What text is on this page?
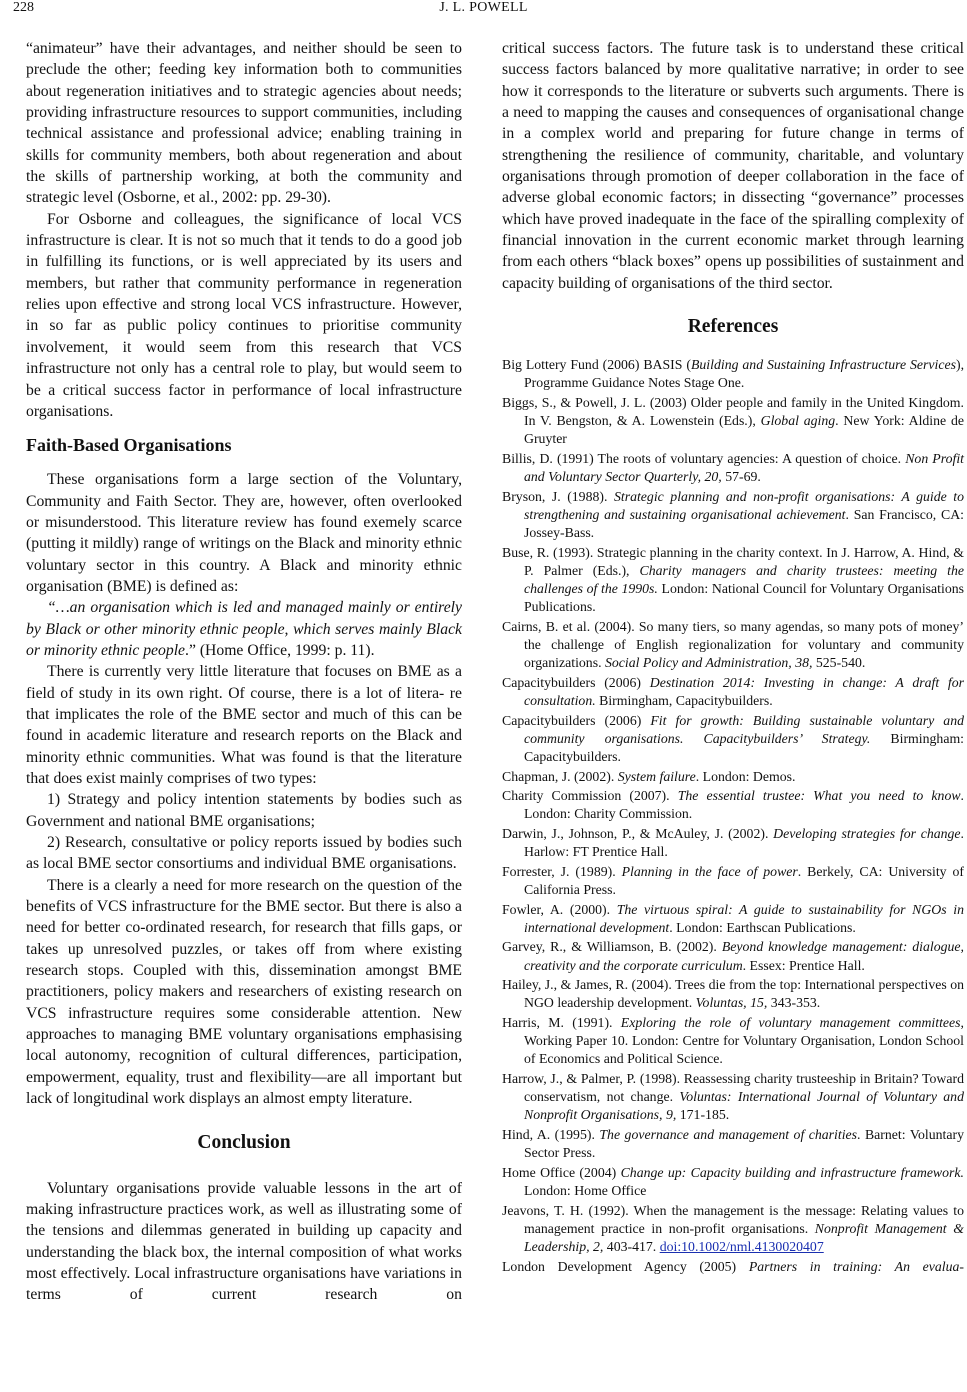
228	J. L. POWELL

“animateur” have their advantages, and neither should be seen to preclude the other; feeding key information both to communities about regeneration initiatives and to strategic agencies about needs; providing infrastructure resources to support communities, including technical assistance and professional advice; enabling training in skills for community members, both about regeneration and about the skills of partnership working, at both the community and strategic level (Osborne, et al., 2002: pp. 29-30).

For Osborne and colleagues, the significance of local VCS infrastructure is clear. It is not so much that it tends to do a good job in fulfilling its functions, or is well appreciated by its users and members, but rather that community performance in regeneration relies upon effective and strong local VCS infrastructure. However, in so far as public policy continues to prioritise community involvement, it would seem from this research that VCS infrastructure not only has a central role to play, but would seem to be a critical success factor in performance of local infrastructure organisations.

Faith-Based Organisations

These organisations form a large section of the Voluntary, Community and Faith Sector. They are, however, often overlooked or misunderstood. This literature review has found exemely scarce (putting it mildly) range of writings on the Black and minority ethnic voluntary sector in this country. A Black and minority ethnic organisation (BME) is defined as:

“…an organisation which is led and managed mainly or entirely by Black or other minority ethnic people, which serves mainly Black or minority ethnic people.” (Home Office, 1999: p. 11).

There is currently very little literature that focuses on BME as a field of study in its own right. Of course, there is a lot of litera- re that implicates the role of the BME sector and much of this can be found in academic literature and research reports on the Black and minority ethnic communities. What was found is that the literature that does exist mainly comprises of two types:

1) Strategy and policy intention statements by bodies such as Government and national BME organisations;

2) Research, consultative or policy reports issued by bodies such as local BME sector consortiums and individual BME organisations.

There is a clearly a need for more research on the question of the benefits of VCS infrastructure for the BME sector. But there is also a need for better co-ordinated research, for research that fills gaps, or takes up unresolved puzzles, or takes off from where existing research stops. Coupled with this, dissemination amongst BME practitioners, policy makers and researchers of existing research on VCS infrastructure requires some considerable attention. New approaches to managing BME voluntary organisations emphasising local autonomy, recognition of cultural differences, participation, empowerment, equality, trust and flexibility—are all important but lack of longitudinal work displays an almost empty literature.

Conclusion

Voluntary organisations provide valuable lessons in the art of making infrastructure practices work, as well as illustrating some of the tensions and dilemmas generated in building up capacity and understanding the black box, the internal composition of what works most effectively. Local infrastructure organisations have variations in terms of current research on

critical success factors. The future task is to understand these critical success factors balanced by more qualitative narrative; in order to see how it corresponds to the literature or subverts such arguments. There is a need to mapping the causes and consequences of organisational change in a complex world and preparing for future change in terms of strengthening the resilience of community, charitable, and voluntary organisations through promotion of deeper collaboration in the face of adverse global economic factors; in dissecting “governance” processes which have proved inadequate in the face of the spiralling complexity of financial innovation in the current economic market through learning from each others “black boxes” opens up possibilities of sustainment and capacity building of organisations of the third sector.

References

Big Lottery Fund (2006) BASIS (Building and Sustaining Infrastructure Services), Programme Guidance Notes Stage One.

Biggs, S., & Powell, J. L. (2003) Older people and family in the United Kingdom. In V. Bengston, & A. Lowenstein (Eds.), Global aging. New York: Aldine de Gruyter

Billis, D. (1991) The roots of voluntary agencies: A question of choice. Non Profit and Voluntary Sector Quarterly, 20, 57-69.

Bryson, J. (1988). Strategic planning and non-profit organisations: A guide to strengthening and sustaining organisational achievement. San Francisco, CA: Jossey-Bass.

Buse, R. (1993). Strategic planning in the charity context. In J. Harrow, A. Hind, & P. Palmer (Eds.), Charity managers and charity trustees: meeting the challenges of the 1990s. London: National Council for Voluntary Organisations Publications.

Cairns, B. et al. (2004). So many tiers, so many agendas, so many pots of money’ the challenge of English regionalization for voluntary and community organizations. Social Policy and Administration, 38, 525-540.

Capacitybuilders (2006) Destination 2014: Investing in change: A draft for consultation. Birmingham, Capacitybuilders.

Capacitybuilders (2006) Fit for growth: Building sustainable voluntary and community organisations. Capacitybuilders’ Strategy. Birmingham: Capacitybuilders.

Chapman, J. (2002). System failure. London: Demos.

Charity Commission (2007). The essential trustee: What you need to know. London: Charity Commission.

Darwin, J., Johnson, P., & McAuley, J. (2002). Developing strategies for change. Harlow: FT Prentice Hall.

Forrester, J. (1989). Planning in the face of power. Berkely, CA: University of California Press.

Fowler, A. (2000). The virtuous spiral: A guide to sustainability for NGOs in international development. London: Earthscan Publications.

Garvey, R., & Williamson, B. (2002). Beyond knowledge management: dialogue, creativity and the corporate curriculum. Essex: Prentice Hall.

Hailey, J., & James, R. (2004). Trees die from the top: International perspectives on NGO leadership development. Voluntas, 15, 343-353.

Harris, M. (1991). Exploring the role of voluntary management committees, Working Paper 10. London: Centre for Voluntary Organisation, London School of Economics and Political Science.

Harrow, J., & Palmer, P. (1998). Reassessing charity trusteeship in Britain? Toward conservatism, not change. Voluntas: International Journal of Voluntary and Nonprofit Organisations, 9, 171-185.

Hind, A. (1995). The governance and management of charities. Barnet: Voluntary Sector Press.

Home Office (2004) Change up: Capacity building and infrastructure framework. London: Home Office

Jeavons, T. H. (1992). When the management is the message: Relating values to management practice in non-profit organisations. Nonprofit Management & Leadership, 2, 403-417. doi:10.1002/nml.4130020407

London Development Agency (2005) Partners in training: An evalua-
